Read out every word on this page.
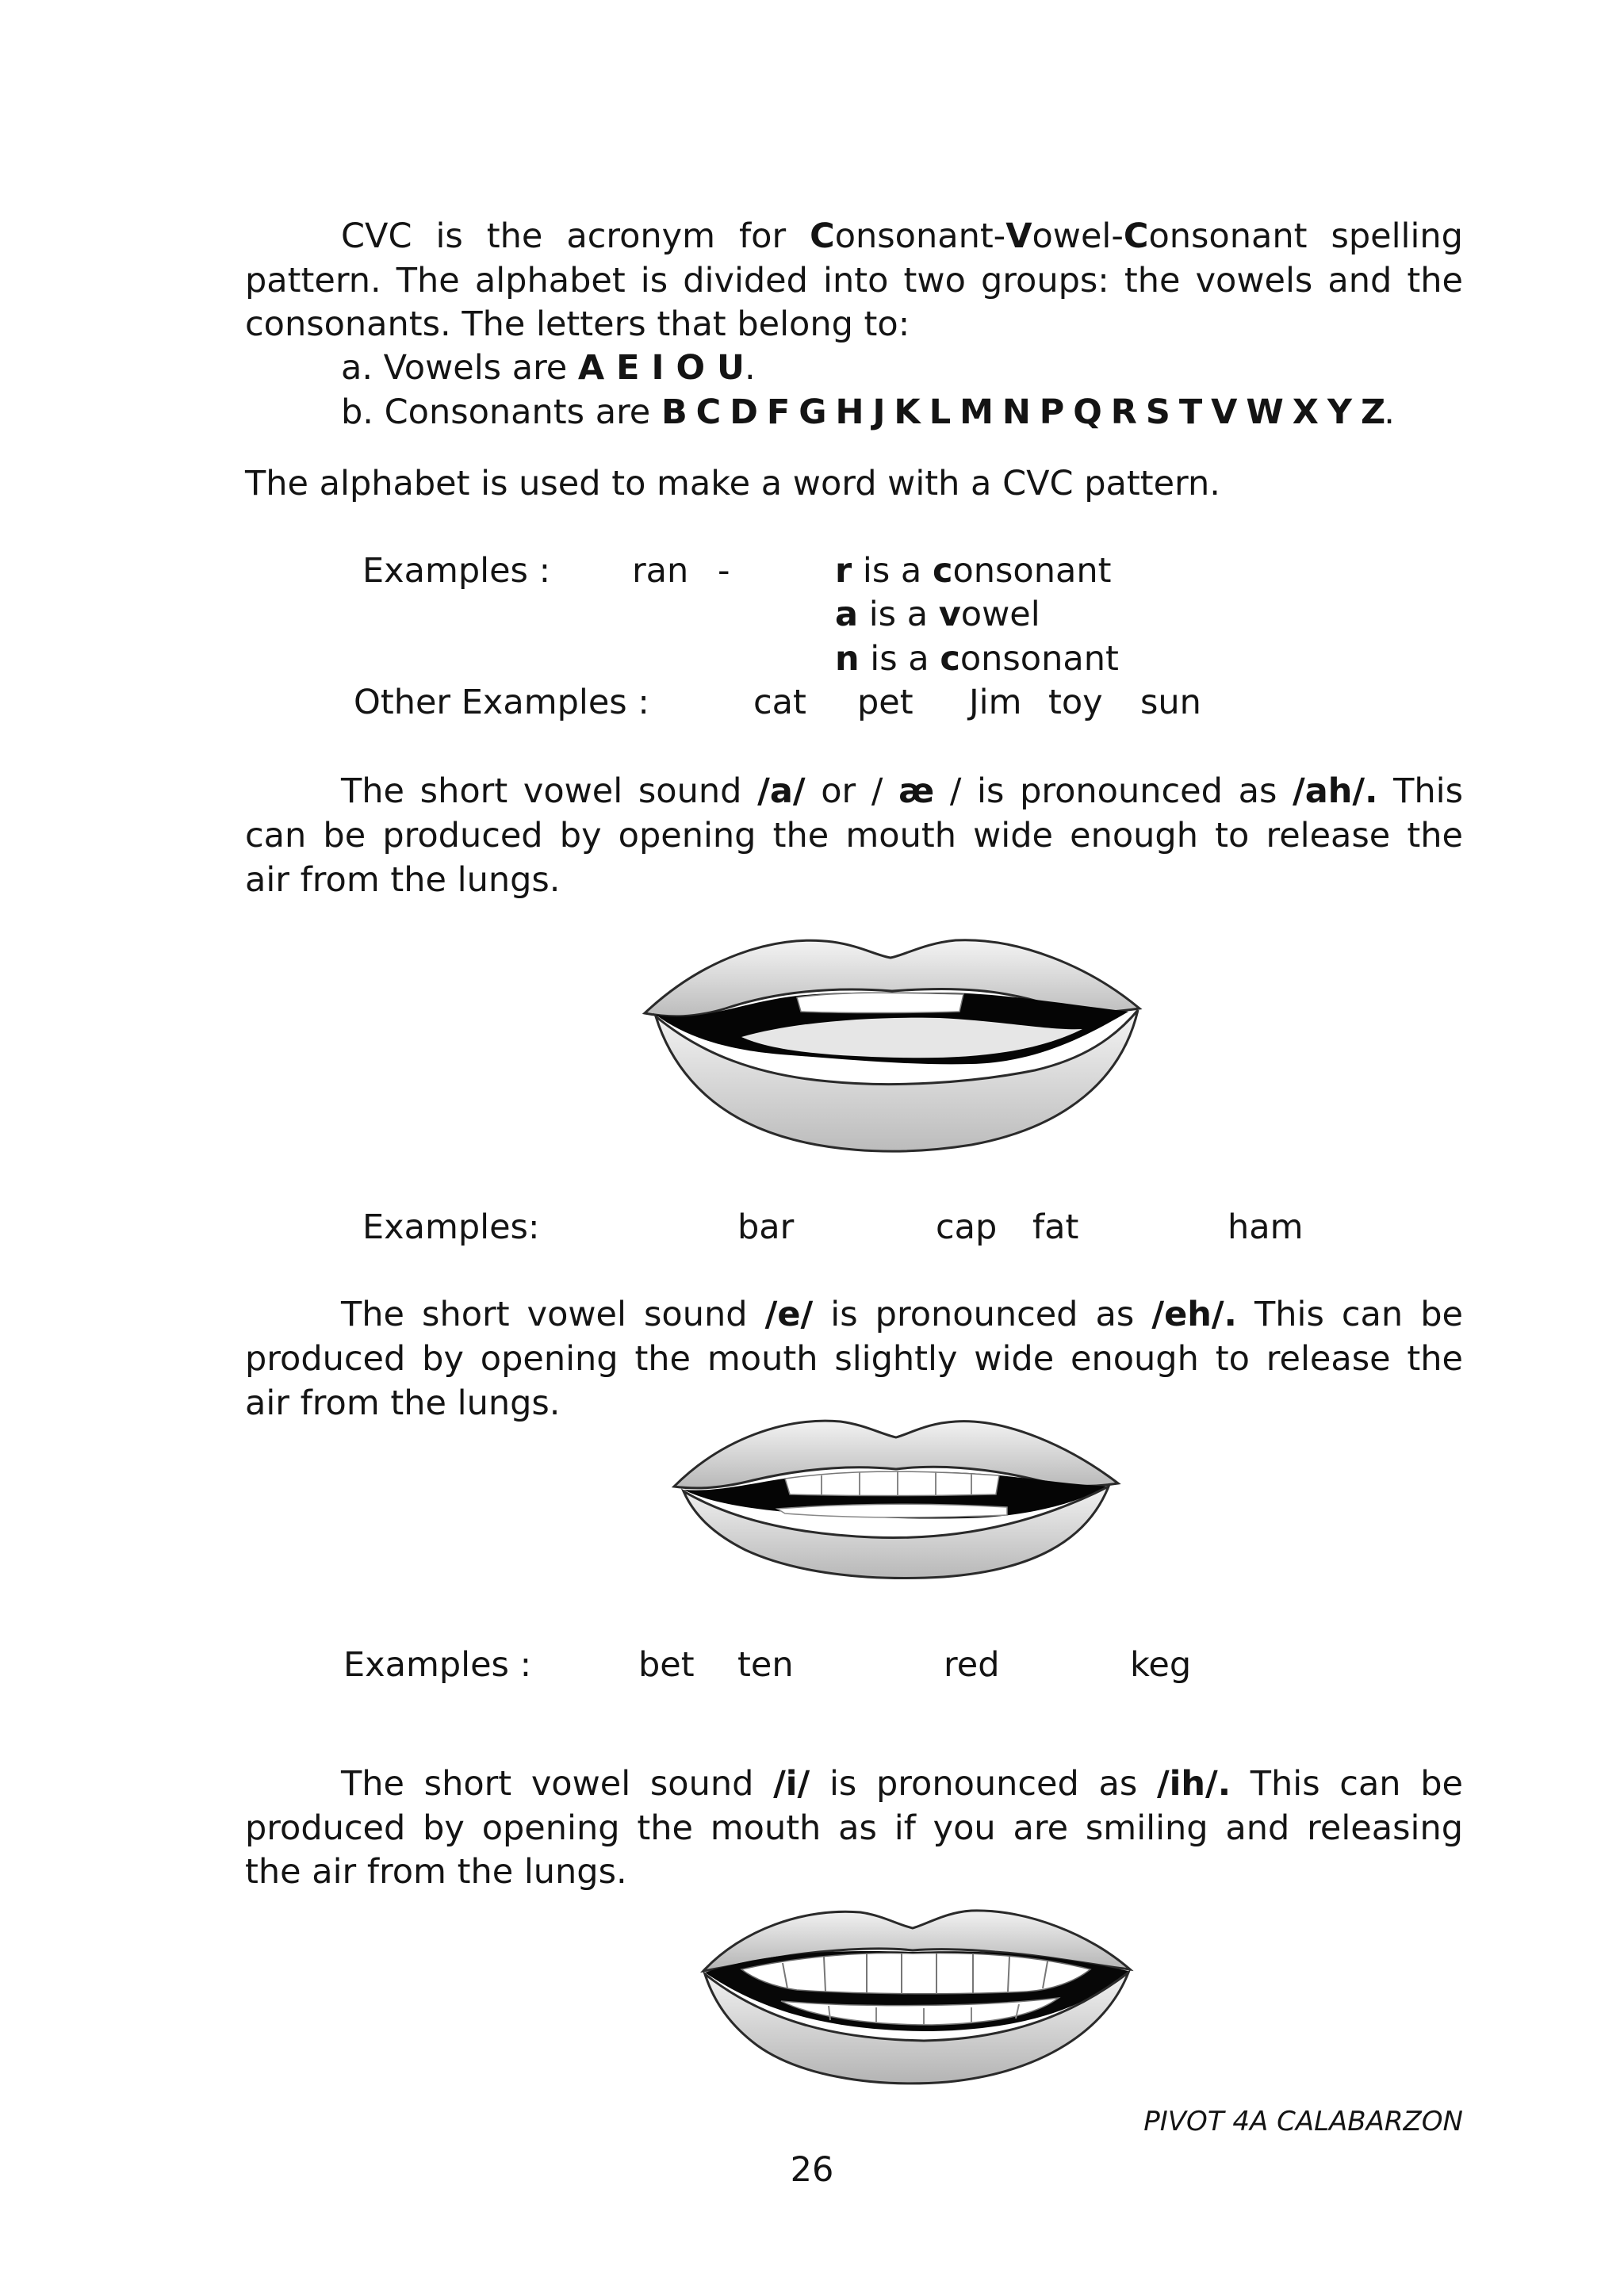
CVC is the acronym for Consonant-Vowel-Consonant spelling
pattern. The alphabet is divided into two groups: the vowels and the
consonants. The letters that belong to:
a. Vowels are A E I O U.
b. Consonants are B C D F G H J K L M N P Q R S T V W X Y Z.
The alphabet is used to make a word with a CVC pattern.
Examples : ran -	r is a consonant
a is a vowel
n is a consonant
Other Examples :	cat pet Jim toy sun
The short vowel sound /a/ or / æ / is pronounced as /ah/. This
can be produced by opening the mouth wide enough to release the
air from the lungs.
Examples:	bar	cap fat	ham
The short vowel sound /e/ is pronounced as /eh/. This can be
produced by opening the mouth slightly wide enough to release the
air from the lungs.
Examples :	bet ten	red	keg
The short vowel sound /i/ is pronounced as /ih/. This can be
produced by opening the mouth as if you are smiling and releasing
the air from the lungs.
PIVOT 4A CALABARZON
26
